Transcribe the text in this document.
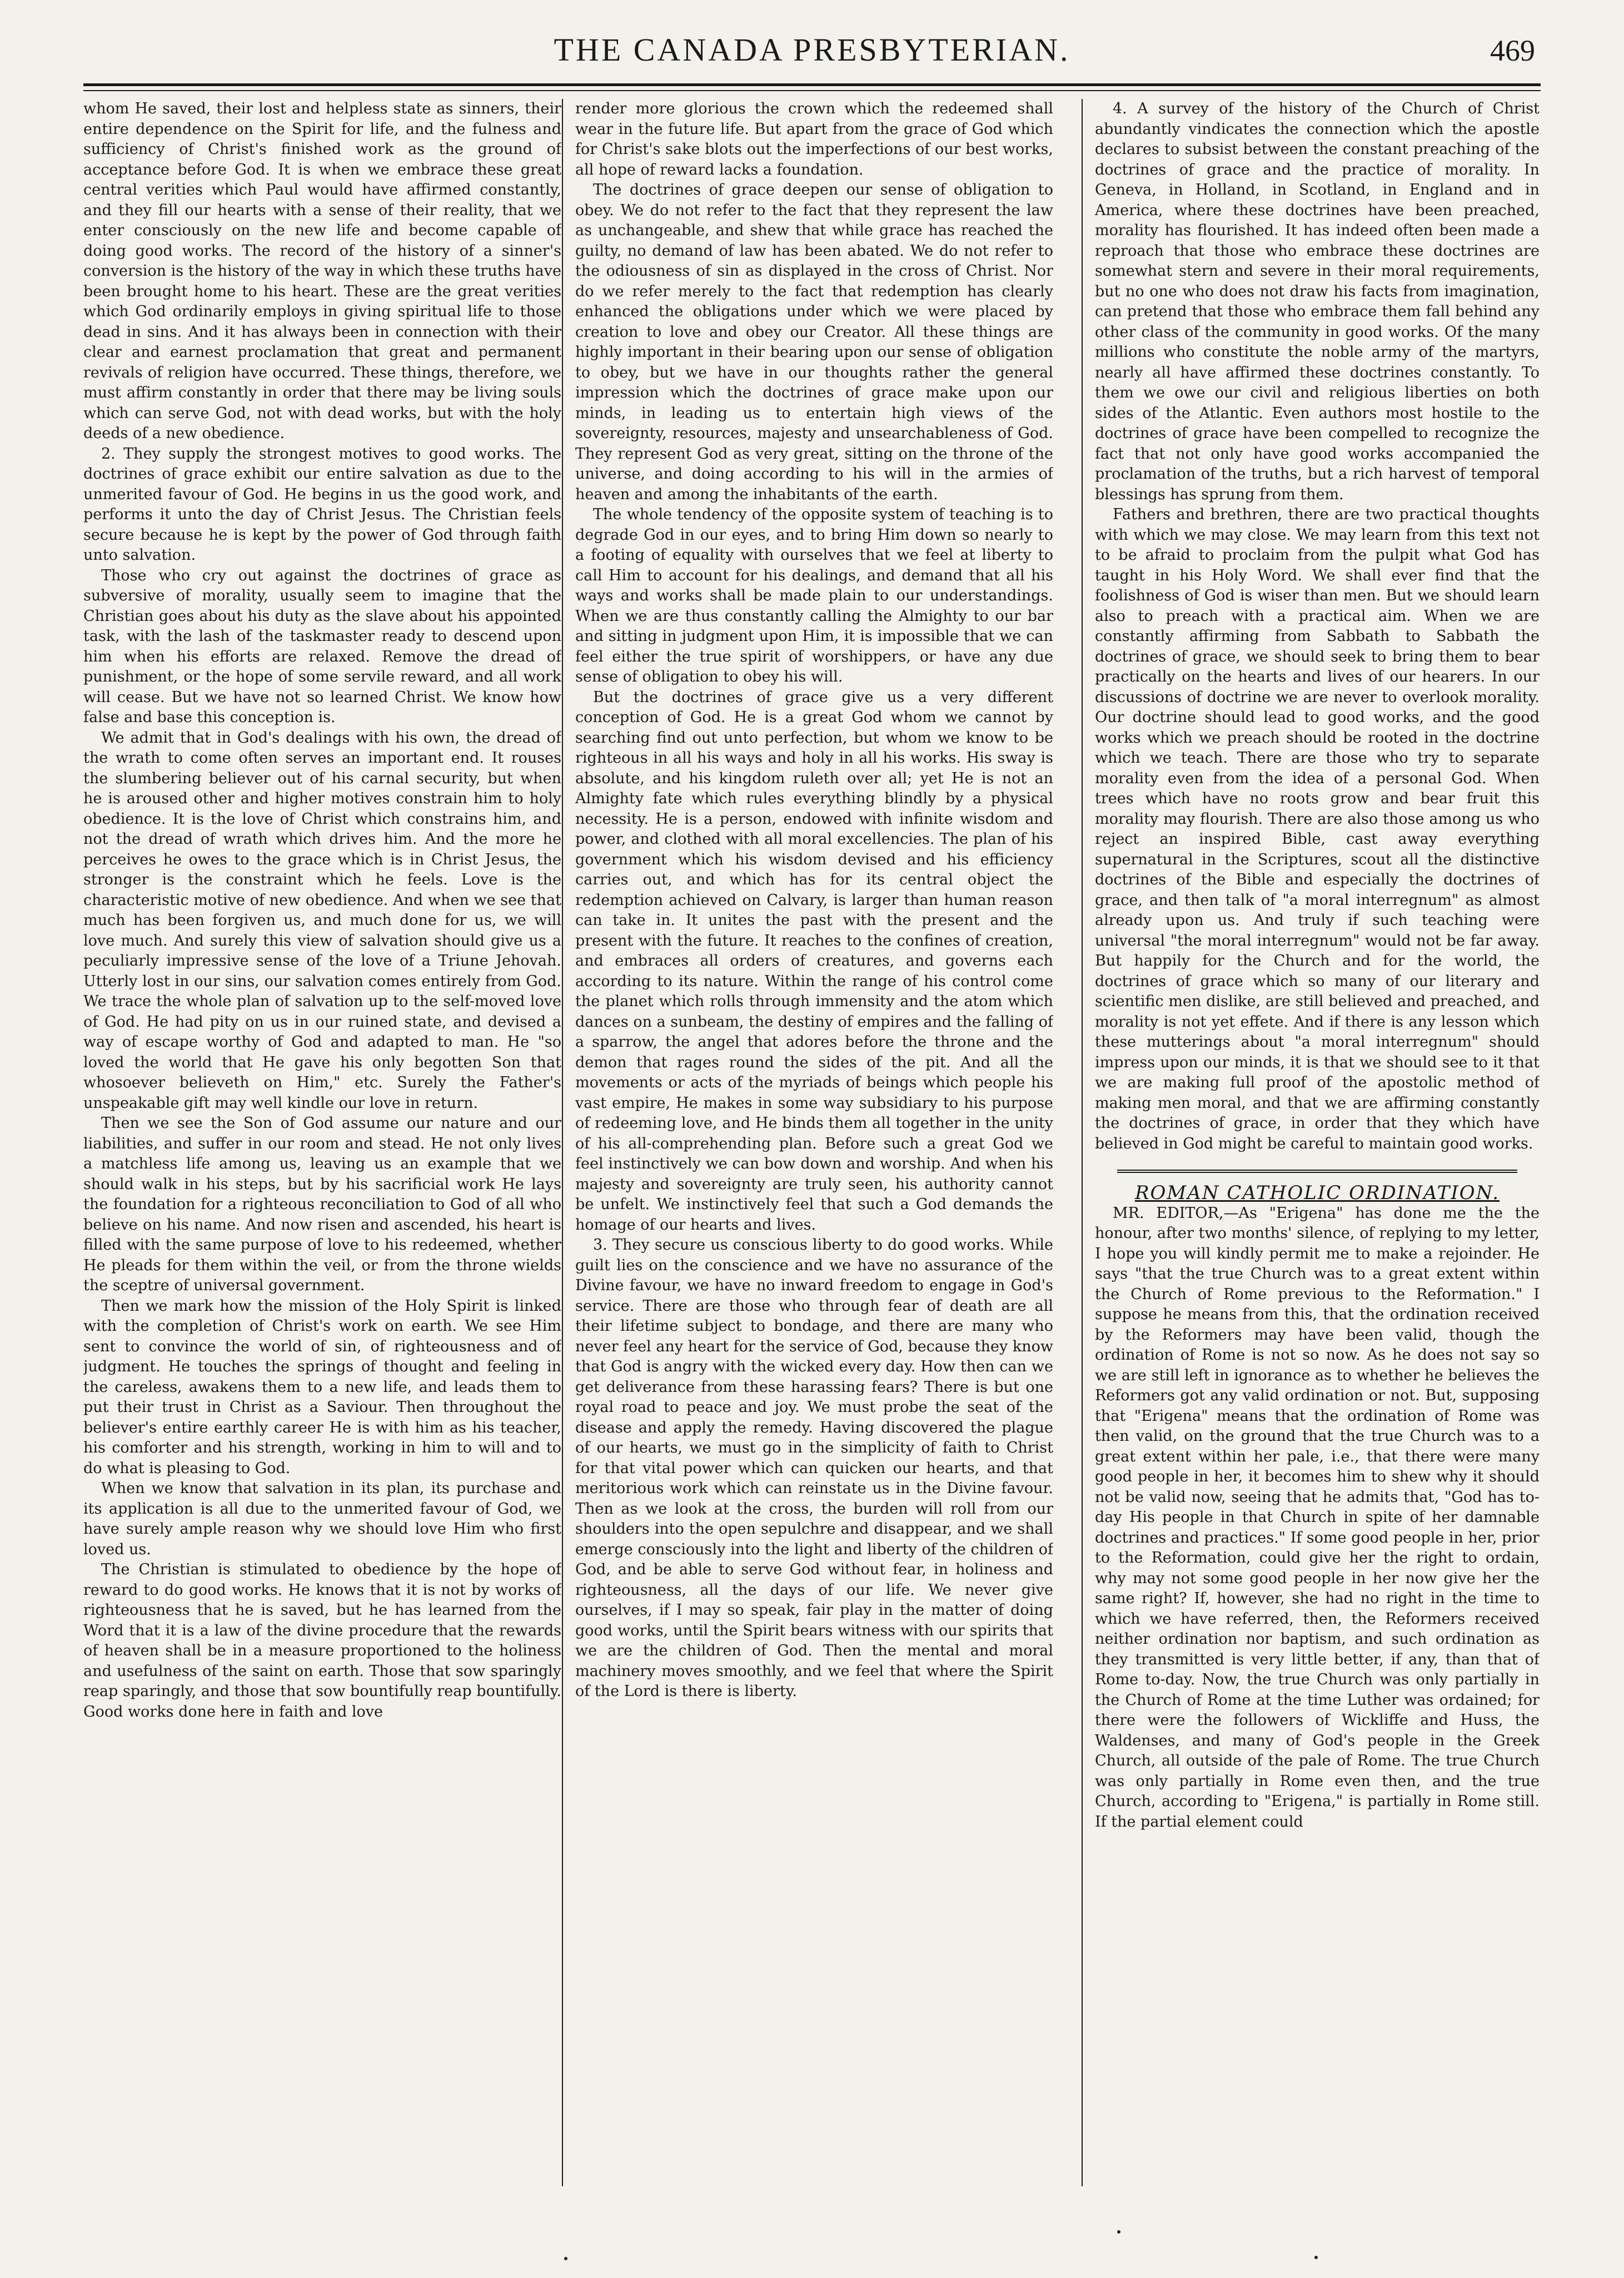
THE CANADA PRESBYTERIAN.	469

whom He saved, their lost and helpless state as sinners, their entire dependence on the Spirit for life, and the fulness and sufficiency of Christ's finished work as the ground of acceptance before God. It is when we embrace these great central verities which Paul would have affirmed constantly, and they fill our hearts with a sense of their reality, that we enter consciously on the new life and become capable of doing good works. The record of the history of a sinner's conversion is the history of the way in which these truths have been brought home to his heart. These are the great verities which God ordinarily employs in giving spiritual life to those dead in sins. And it has always been in connection with their clear and earnest proclamation that great and permanent revivals of religion have occurred. These things, therefore, we must affirm constantly in order that there may be living souls which can serve God, not with dead works, but with the holy deeds of a new obedience.

2. They supply the strongest motives to good works. The doctrines of grace exhibit our entire salvation as due to the unmerited favour of God. He begins in us the good work, and performs it unto the day of Christ Jesus. The Christian feels secure because he is kept by the power of God through faith unto salvation.

Those who cry out against the doctrines of grace as subversive of morality, usually seem to imagine that the Christian goes about his duty as the slave about his appointed task, with the lash of the taskmaster ready to descend upon him when his efforts are relaxed. Remove the dread of punishment, or the hope of some servile reward, and all work will cease. But we have not so learned Christ. We know how false and base this conception is.

We admit that in God's dealings with his own, the dread of the wrath to come often serves an important end. It rouses the slumbering believer out of his carnal security, but when he is aroused other and higher motives constrain him to holy obedience. It is the love of Christ which constrains him, and not the dread of wrath which drives him. And the more he perceives he owes to the grace which is in Christ Jesus, the stronger is the constraint which he feels. Love is the characteristic motive of new obedience. And when we see that much has been forgiven us, and much done for us, we will love much. And surely this view of salvation should give us a peculiarly impressive sense of the love of a Triune Jehovah. Utterly lost in our sins, our salvation comes entirely from God. We trace the whole plan of salvation up to the self-moved love of God. He had pity on us in our ruined state, and devised a way of escape worthy of God and adapted to man. He "so loved the world that He gave his only begotten Son that whosoever believeth on Him," etc. Surely the Father's unspeakable gift may well kindle our love in return.

Then we see the Son of God assume our nature and our liabilities, and suffer in our room and stead. He not only lives a matchless life among us, leaving us an example that we should walk in his steps, but by his sacrificial work He lays the foundation for a righteous reconciliation to God of all who believe on his name. And now risen and ascended, his heart is filled with the same purpose of love to his redeemed, whether He pleads for them within the veil, or from the throne wields the sceptre of universal government.

Then we mark how the mission of the Holy Spirit is linked with the completion of Christ's work on earth. We see Him sent to convince the world of sin, of righteousness and of judgment. He touches the springs of thought and feeling in the careless, awakens them to a new life, and leads them to put their trust in Christ as a Saviour. Then throughout the believer's entire earthly career He is with him as his teacher, his comforter and his strength, working in him to will and to do what is pleasing to God.

When we know that salvation in its plan, its purchase and its application is all due to the unmerited favour of God, we have surely ample reason why we should love Him who first loved us.

The Christian is stimulated to obedience by the hope of reward to do good works. He knows that it is not by works of righteousness that he is saved, but he has learned from the Word that it is a law of the divine procedure that the rewards of heaven shall be in a measure proportioned to the holiness and usefulness of the saint on earth. Those that sow sparingly reap sparingly, and those that sow bountifully reap bountifully. Good works done here in faith and love

render more glorious the crown which the redeemed shall wear in the future life. But apart from the grace of God which for Christ's sake blots out the imperfections of our best works, all hope of reward lacks a foundation.

The doctrines of grace deepen our sense of obligation to obey. We do not refer to the fact that they represent the law as unchangeable, and shew that while grace has reached the guilty, no demand of law has been abated. We do not refer to the odiousness of sin as displayed in the cross of Christ. Nor do we refer merely to the fact that redemption has clearly enhanced the obligations under which we were placed by creation to love and obey our Creator. All these things are highly important in their bearing upon our sense of obligation to obey, but we have in our thoughts rather the general impression which the doctrines of grace make upon our minds, in leading us to entertain high views of the sovereignty, resources, majesty and unsearchableness of God. They represent God as very great, sitting on the throne of the universe, and doing according to his will in the armies of heaven and among the inhabitants of the earth.

The whole tendency of the opposite system of teaching is to degrade God in our eyes, and to bring Him down so nearly to a footing of equality with ourselves that we feel at liberty to call Him to account for his dealings, and demand that all his ways and works shall be made plain to our understandings. When we are thus constantly calling the Almighty to our bar and sitting in judgment upon Him, it is impossible that we can feel either the true spirit of worshippers, or have any due sense of obligation to obey his will.

But the doctrines of grace give us a very different conception of God. He is a great God whom we cannot by searching find out unto perfection, but whom we know to be righteous in all his ways and holy in all his works. His sway is absolute, and his kingdom ruleth over all; yet He is not an Almighty fate which rules everything blindly by a physical necessity. He is a person, endowed with infinite wisdom and power, and clothed with all moral excellencies. The plan of his government which his wisdom devised and his efficiency carries out, and which has for its central object the redemption achieved on Calvary, is larger than human reason can take in. It unites the past with the present and the present with the future. It reaches to the confines of creation, and embraces all orders of creatures, and governs each according to its nature. Within the range of his control come the planet which rolls through immensity and the atom which dances on a sunbeam, the destiny of empires and the falling of a sparrow, the angel that adores before the throne and the demon that rages round the sides of the pit. And all the movements or acts of the myriads of beings which people his vast empire, He makes in some way subsidiary to his purpose of redeeming love, and He binds them all together in the unity of his all-comprehending plan. Before such a great God we feel instinctively we can bow down and worship. And when his majesty and sovereignty are truly seen, his authority cannot be unfelt. We instinctively feel that such a God demands the homage of our hearts and lives.

3. They secure us conscious liberty to do good works. While guilt lies on the conscience and we have no assurance of the Divine favour, we have no inward freedom to engage in God's service. There are those who through fear of death are all their lifetime subject to bondage, and there are many who never feel any heart for the service of God, because they know that God is angry with the wicked every day. How then can we get deliverance from these harassing fears? There is but one royal road to peace and joy. We must probe the seat of the disease and apply the remedy. Having discovered the plague of our hearts, we must go in the simplicity of faith to Christ for that vital power which can quicken our hearts, and that meritorious work which can reinstate us in the Divine favour. Then as we look at the cross, the burden will roll from our shoulders into the open sepulchre and disappear, and we shall emerge consciously into the light and liberty of the children of God, and be able to serve God without fear, in holiness and righteousness, all the days of our life. We never give ourselves, if I may so speak, fair play in the matter of doing good works, until the Spirit bears witness with our spirits that we are the children of God. Then the mental and moral machinery moves smoothly, and we feel that where the Spirit of the Lord is there is liberty.

4. A survey of the history of the Church of Christ abundantly vindicates the connection which the apostle declares to subsist between the constant preaching of the doctrines of grace and the practice of morality. In Geneva, in Holland, in Scotland, in England and in America, where these doctrines have been preached, morality has flourished. It has indeed often been made a reproach that those who embrace these doctrines are somewhat stern and severe in their moral requirements, but no one who does not draw his facts from imagination, can pretend that those who embrace them fall behind any other class of the community in good works. Of the many millions who constitute the noble army of the martyrs, nearly all have affirmed these doctrines constantly. To them we owe our civil and religious liberties on both sides of the Atlantic. Even authors most hostile to the doctrines of grace have been compelled to recognize the fact that not only have good works accompanied the proclamation of the truths, but a rich harvest of temporal blessings has sprung from them.

Fathers and brethren, there are two practical thoughts with which we may close. We may learn from this text not to be afraid to proclaim from the pulpit what God has taught in his Holy Word. We shall ever find that the foolishness of God is wiser than men. But we should learn also to preach with a practical aim. When we are constantly affirming from Sabbath to Sabbath the doctrines of grace, we should seek to bring them to bear practically on the hearts and lives of our hearers. In our discussions of doctrine we are never to overlook morality. Our doctrine should lead to good works, and the good works which we preach should be rooted in the doctrine which we teach. There are those who try to separate morality even from the idea of a personal God. When trees which have no roots grow and bear fruit this morality may flourish. There are also those among us who reject an inspired Bible, cast away everything supernatural in the Scriptures, scout all the distinctive doctrines of the Bible and especially the doctrines of grace, and then talk of "a moral interregnum" as almost already upon us. And truly if such teaching were universal "the moral interregnum" would not be far away. But happily for the Church and for the world, the doctrines of grace which so many of our literary and scientific men dislike, are still believed and preached, and morality is not yet effete. And if there is any lesson which these mutterings about "a moral interregnum" should impress upon our minds, it is that we should see to it that we are making full proof of the apostolic method of making men moral, and that we are affirming constantly the doctrines of grace, in order that they which have believed in God might be careful to maintain good works.

ROMAN CATHOLIC ORDINATION.

MR. EDITOR,—As "Erigena" has done me the the honour, after two months' silence, of replying to my letter, I hope you will kindly permit me to make a rejoinder. He says "that the true Church was to a great extent within the Church of Rome previous to the Reformation." I suppose he means from this, that the ordination received by the Reformers may have been valid, though the ordination of Rome is not so now. As he does not say so we are still left in ignorance as to whether he believes the Reformers got any valid ordination or not. But, supposing that "Erigena" means that the ordination of Rome was then valid, on the ground that the true Church was to a great extent within her pale, i.e., that there were many good people in her, it becomes him to shew why it should not be valid now, seeing that he admits that, "God has to-day His people in that Church in spite of her damnable doctrines and practices." If some good people in her, prior to the Reformation, could give her the right to ordain, why may not some good people in her now give her the same right? If, however, she had no right in the time to which we have referred, then, the Reformers received neither ordination nor baptism, and such ordination as they transmitted is very little better, if any, than that of Rome to-day. Now, the true Church was only partially in the Church of Rome at the time Luther was ordained; for there were the followers of Wickliffe and Huss, the Waldenses, and many of God's people in the Greek Church, all outside of the pale of Rome. The true Church was only partially in Rome even then, and the true Church, according to "Erigena," is partially in Rome still. If the partial element could
